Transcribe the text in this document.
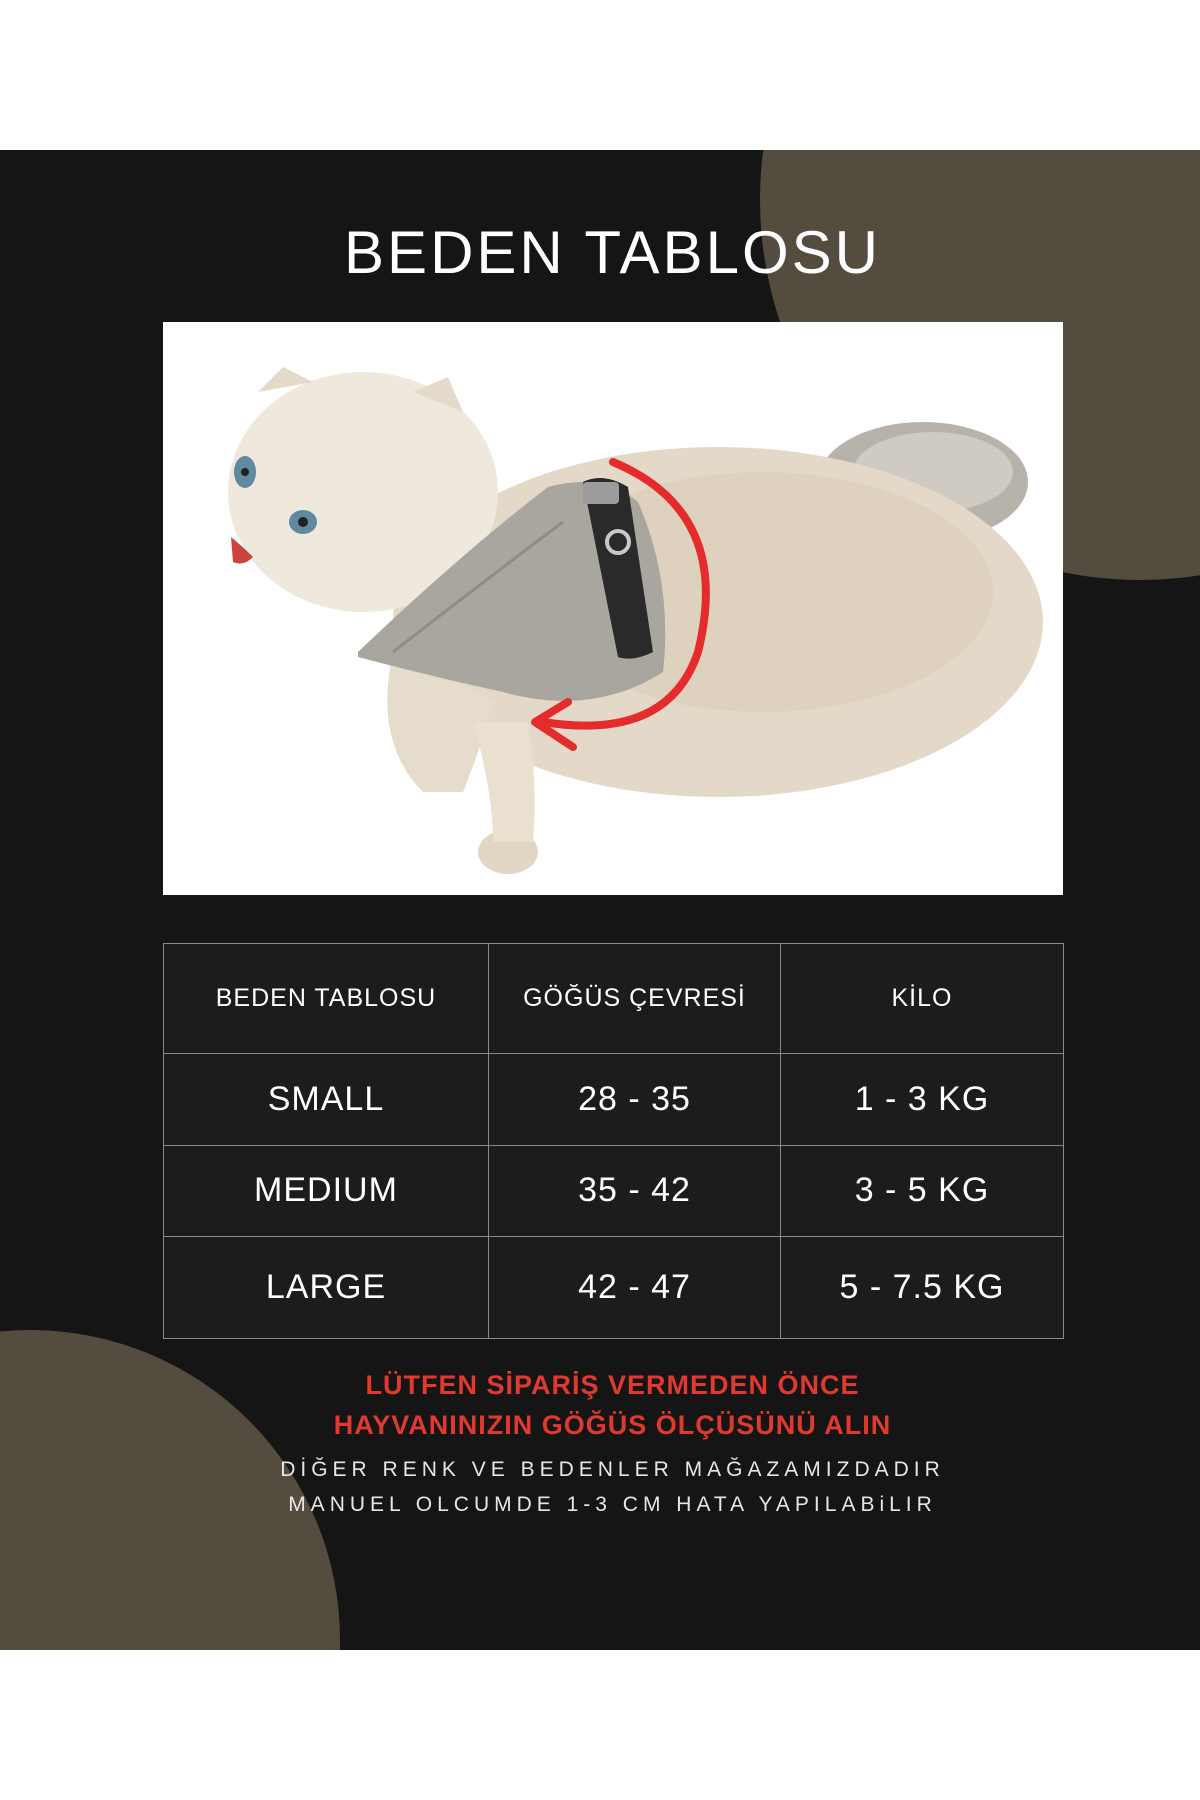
BEDEN TABLOSU
BEDEN TABLOSU	GÖĞÜS ÇEVRESİ	KİLO
SMALL	28 - 35	1 - 3 KG
MEDIUM	35 - 42	3 - 5 KG
LARGE	42 - 47	5 - 7.5 KG
LÜTFEN SİPARİŞ VERMEDEN ÖNCE
HAYVANINIZIN GÖĞÜS ÖLÇÜSÜNÜ ALIN
DİĞER RENK VE BEDENLER MAĞAZAMIZDADIR
MANUEL OLCUMDE 1-3 CM HATA YAPILABiLIR
